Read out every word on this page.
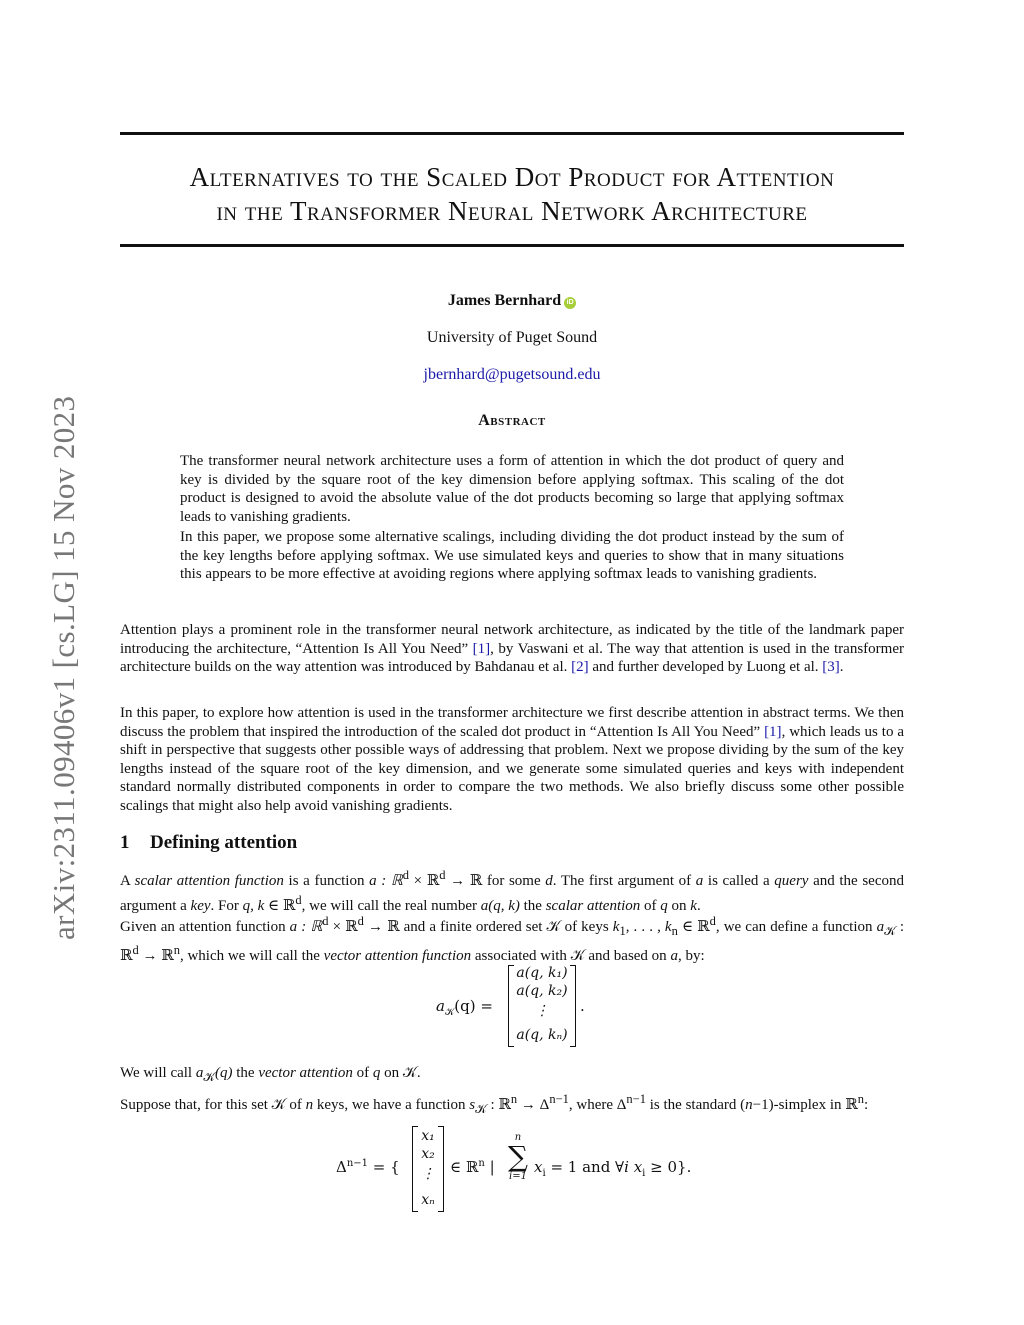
arXiv:2311.09406v1 [cs.LG] 15 Nov 2023
Alternatives to the Scaled Dot Product for Attention
in the Transformer Neural Network Architecture
James Bernhard iD
University of Puget Sound
jbernhard@pugetsound.edu
Abstract

The transformer neural network architecture uses a form of attention in which the dot product of query and key is divided by the square root of the key dimension before applying softmax. This scaling of the dot product is designed to avoid the absolute value of the dot products becoming so large that applying softmax leads to vanishing gradients.

In this paper, we propose some alternative scalings, including dividing the dot product instead by the sum of the key lengths before applying softmax. We use simulated keys and queries to show that in many situations this appears to be more effective at avoiding regions where applying softmax leads to vanishing gradients.

Attention plays a prominent role in the transformer neural network architecture, as indicated by the title of the landmark paper introducing the architecture, “Attention Is All You Need” [1], by Vaswani et al. The way that attention is used in the transformer architecture builds on the way attention was introduced by Bahdanau et al. [2] and further developed by Luong et al. [3].

In this paper, to explore how attention is used in the transformer architecture we first describe attention in abstract terms. We then discuss the problem that inspired the introduction of the scaled dot product in “Attention Is All You Need” [1], which leads us to a shift in perspective that suggests other possible ways of addressing that problem. Next we propose dividing by the sum of the key lengths instead of the square root of the key dimension, and we generate some simulated queries and keys with independent standard normally distributed components in order to compare the two methods. We also briefly discuss some other possible scalings that might also help avoid vanishing gradients.

1 Defining attention

A scalar attention function is a function a : ℝ$^d$ × ℝ$^d$ → ℝ for some d. The first argument of a is called a query and the second argument a key. For q, k ∈ ℝ$^d$, we will call the real number a(q, k) the scalar attention of q on k.

Given an attention function a : ℝ$^d$ × ℝ$^d$ → ℝ and a finite ordered set 𝒦 of keys $k_1$, . . . , $k_n$ ∈ ℝ$^d$, we can define a function $a_𝒦$ : ℝ$^d$ → ℝ$^n$, which we will call the vector attention function associated with 𝒦 and based on a, by:

$a_𝒦(q)$ =
a(q, k₁)
a(q, k₂)
⋮
a(q, kₙ)
.

We will call $a_𝒦(q)$ the vector attention of q on 𝒦.

Suppose that, for this set 𝒦 of n keys, we have a function $s_𝒦$ : ℝ$^n$ → $\Delta^{n-1}$, where $\Delta^{n-1}$ is the standard (n−1)-simplex in ℝ$^n$:

$\Delta^{n-1}$ = {
x₁
x₂
⋮
xₙ
∈ ℝ$^n$ |
n
∑
i=1
$x_i = 1$ and ∀i $x_i \ge 0$}.
